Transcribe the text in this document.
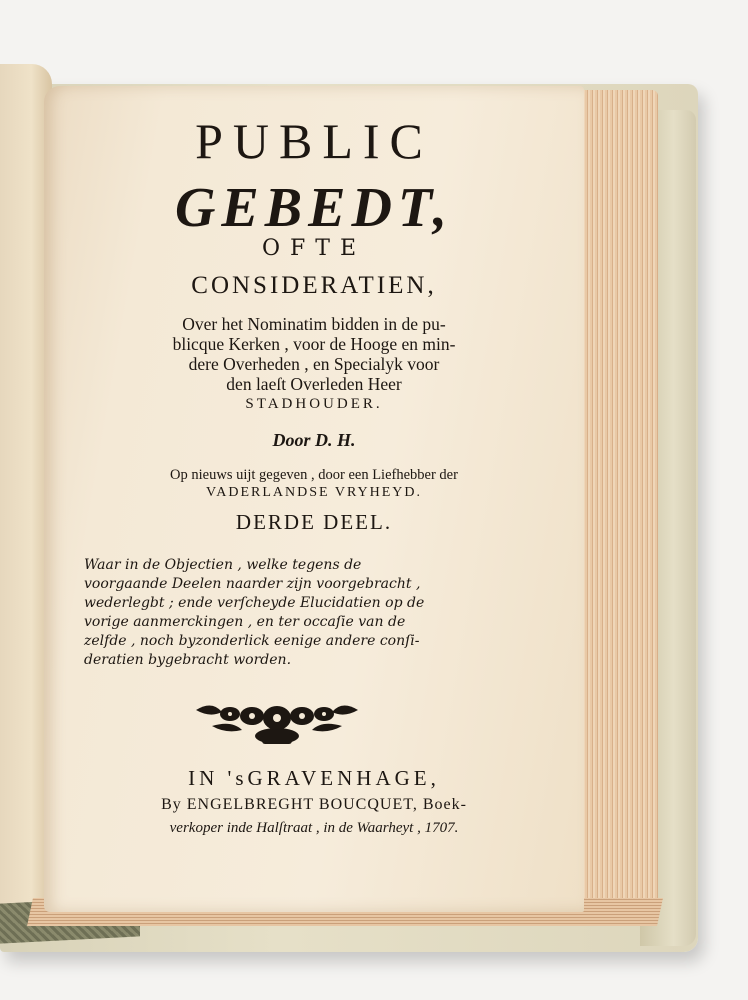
PUBLIC
GEBEDT,
OFTE
CONSIDERATIEN,
Over het Nominatim bidden in de pu-
blicque Kerken , voor de Hooge en min-
dere Overheden , en Specialyk voor
den laeſt Overleden Heer
STADHOUDER.
Door D. H.
Op nieuws uijt gegeven , door een Liefhebber der
VADERLANDSE VRYHEYD.
DERDE DEEL.
Waar in de Objectien , welke tegens de
voorgaande Deelen naarder zijn voorgebracht ,
wederlegbt ; ende verſcheyde Elucidatien op de
vorige aanmerckingen , en ter occaſie van de
zelfde , noch byzonderlick eenige andere conſi-
deratien bygebracht worden.
IN 'sGRAVENHAGE,
By ENGELBREGHT BOUCQUET, Boek-
verkoper inde Halſtraat , in de Waarheyt , 1707.
